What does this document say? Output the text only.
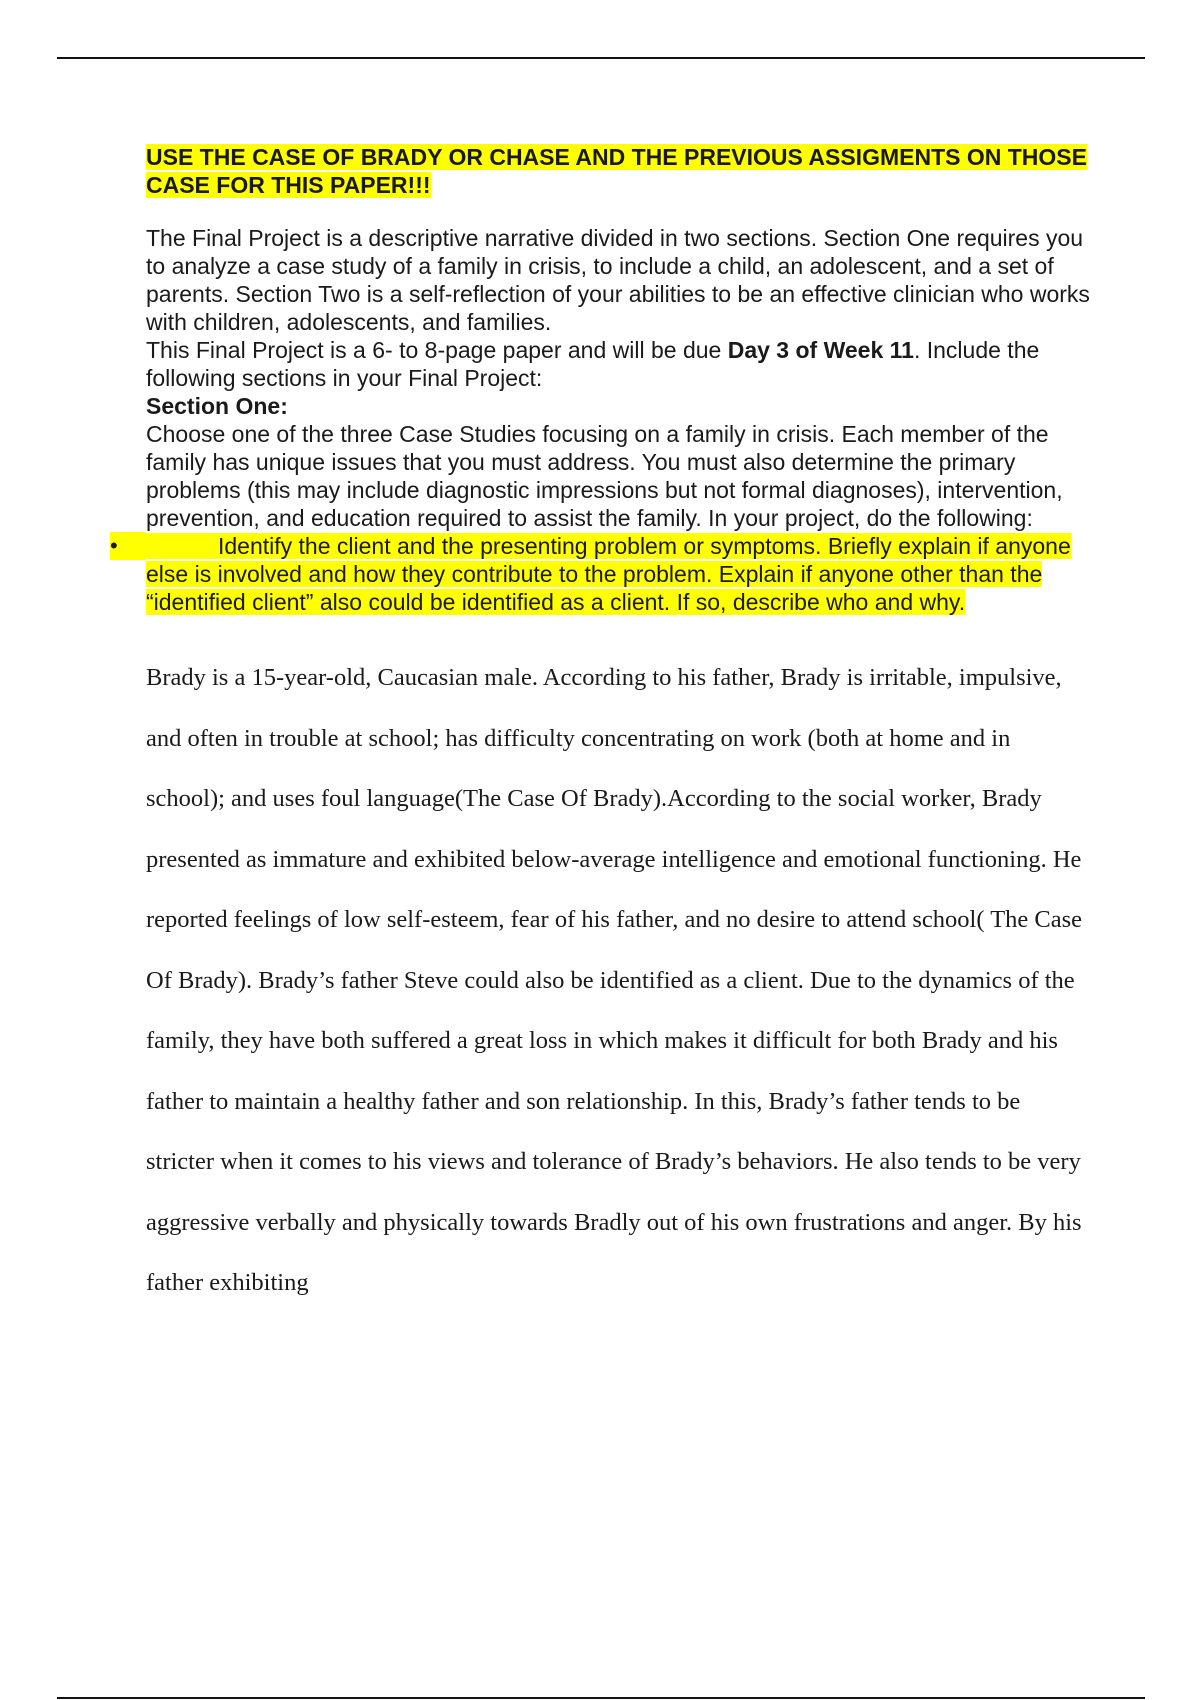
USE THE CASE OF BRADY OR CHASE AND THE PREVIOUS ASSIGMENTS ON THOSE CASE FOR THIS PAPER!!!

The Final Project is a descriptive narrative divided in two sections. Section One requires you to analyze a case study of a family in crisis, to include a child, an adolescent, and a set of parents. Section Two is a self-reflection of your abilities to be an effective clinician who works with children, adolescents, and families.

This Final Project is a 6- to 8-page paper and will be due Day 3 of Week 11. Include the following sections in your Final Project:

Section One:

Choose one of the three Case Studies focusing on a family in crisis. Each member of the family has unique issues that you must address. You must also determine the primary problems (this may include diagnostic impressions but not formal diagnoses), intervention, prevention, and education required to assist the family. In your project, do the following:

•	Identify the client and the presenting problem or symptoms. Briefly explain if anyone else is involved and how they contribute to the problem. Explain if anyone other than the “identified client” also could be identified as a client. If so, describe who and why.

Brady is a 15-year-old, Caucasian male. According to his father, Brady is irritable, impulsive, and often in trouble at school; has difficulty concentrating on work (both at home and in school); and uses foul language(The Case Of Brady).According to the social worker, Brady presented as immature and exhibited below-average intelligence and emotional functioning. He reported feelings of low self-esteem, fear of his father, and no desire to attend school( The Case Of Brady). Brady’s father Steve could also be identified as a client. Due to the dynamics of the family, they have both suffered a great loss in which makes it difficult for both Brady and his father to maintain a healthy father and son relationship. In this, Brady’s father tends to be stricter when it comes to his views and tolerance of Brady’s behaviors. He also tends to be very aggressive verbally and physically towards Bradly out of his own frustrations and anger. By his father exhibiting
